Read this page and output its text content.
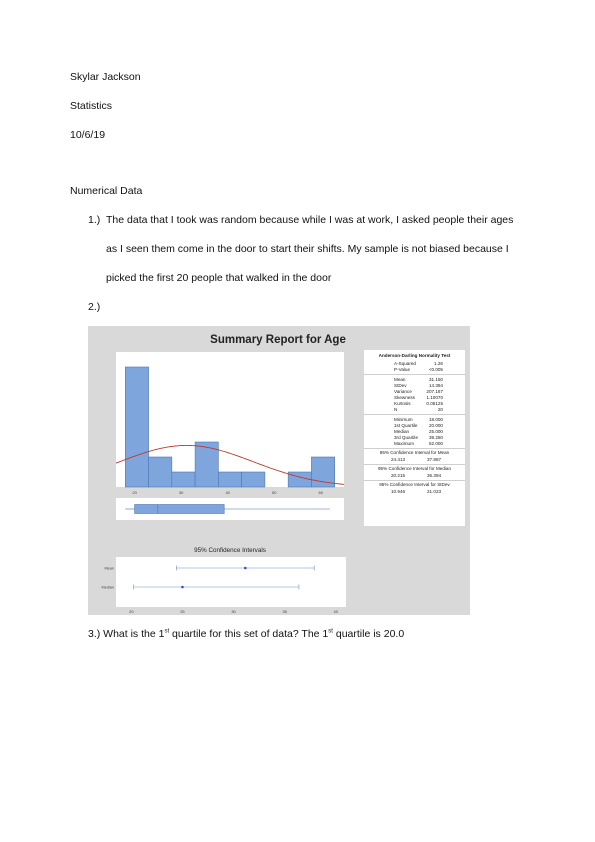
Skylar Jackson
Statistics
10/6/19
Numerical Data
1.) The data that I took was random because while I was at work, I asked people their ages
as I seen them come in the door to start their shifts. My sample is not biased because I
picked the first 20 people that walked in the door
2.)
Summary Report for Age
20	30	40	50	60
95% Confidence Intervals
Mean
Median
20	25	30	35	40
Anderson-Darling Normality Test
A-Squared	1.26
P-Value	<0.005
Mean	31.150
StDev	14.394
Variance	207.187
Skewness 1.10070
Kurtosis	0.05125
N	20
Minimum	18.000
1st Quartile 20.000
Median	25.000
3rd Quartile 39.250
Maximum	62.000
95% Confidence Interval for Mean
24.413	37.887
95% Confidence Interval for Median
20.215	36.394
95% Confidence Interval for StDev
10.946	21.023
3.) What is the 1st quartile for this set of data? The 1st quartile is 20.0
